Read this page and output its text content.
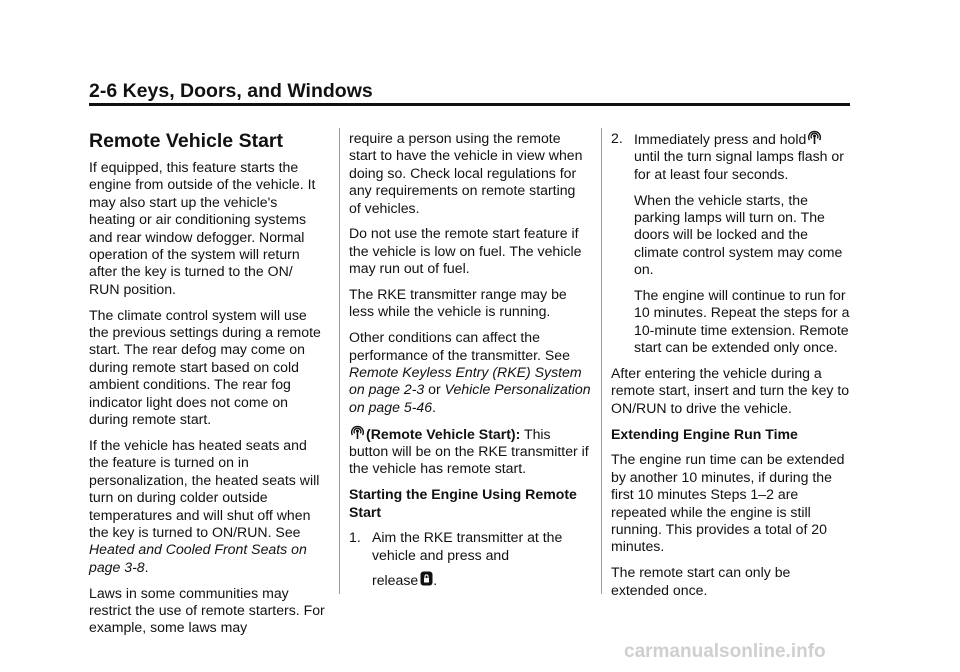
2-6 Keys, Doors, and Windows
Remote Vehicle Start

If equipped, this feature starts the engine from outside of the vehicle. It may also start up the vehicle's heating or air conditioning systems and rear window defogger. Normal operation of the system will return after the key is turned to the ON/ RUN position.

The climate control system will use the previous settings during a remote start. The rear defog may come on during remote start based on cold ambient conditions. The rear fog indicator light does not come on during remote start.

If the vehicle has heated seats and the feature is turned on in personalization, the heated seats will turn on during colder outside temperatures and will shut off when the key is turned to ON/RUN. See Heated and Cooled Front Seats on page 3-8.

Laws in some communities may restrict the use of remote starters. For example, some laws may

require a person using the remote start to have the vehicle in view when doing so. Check local regulations for any requirements on remote starting of vehicles.

Do not use the remote start feature if the vehicle is low on fuel. The vehicle may run out of fuel.

The RKE transmitter range may be less while the vehicle is running.

Other conditions can affect the performance of the transmitter. See Remote Keyless Entry (RKE) System on page 2-3 or Vehicle Personalization on page 5-46.

(Remote Vehicle Start): This button will be on the RKE transmitter if the vehicle has remote start.

Starting the Engine Using Remote Start

1. Aim the RKE transmitter at the vehicle and press and

release .

2. Immediately press and hold until the turn signal lamps flash or for at least four seconds.

When the vehicle starts, the parking lamps will turn on. The doors will be locked and the climate control system may come on.

The engine will continue to run for 10 minutes. Repeat the steps for a 10-minute time extension. Remote start can be extended only once.

After entering the vehicle during a remote start, insert and turn the key to ON/RUN to drive the vehicle.

Extending Engine Run Time

The engine run time can be extended by another 10 minutes, if during the first 10 minutes Steps 1–2 are repeated while the engine is still running. This provides a total of 20 minutes.

The remote start can only be extended once.

carmanualsonline.info
